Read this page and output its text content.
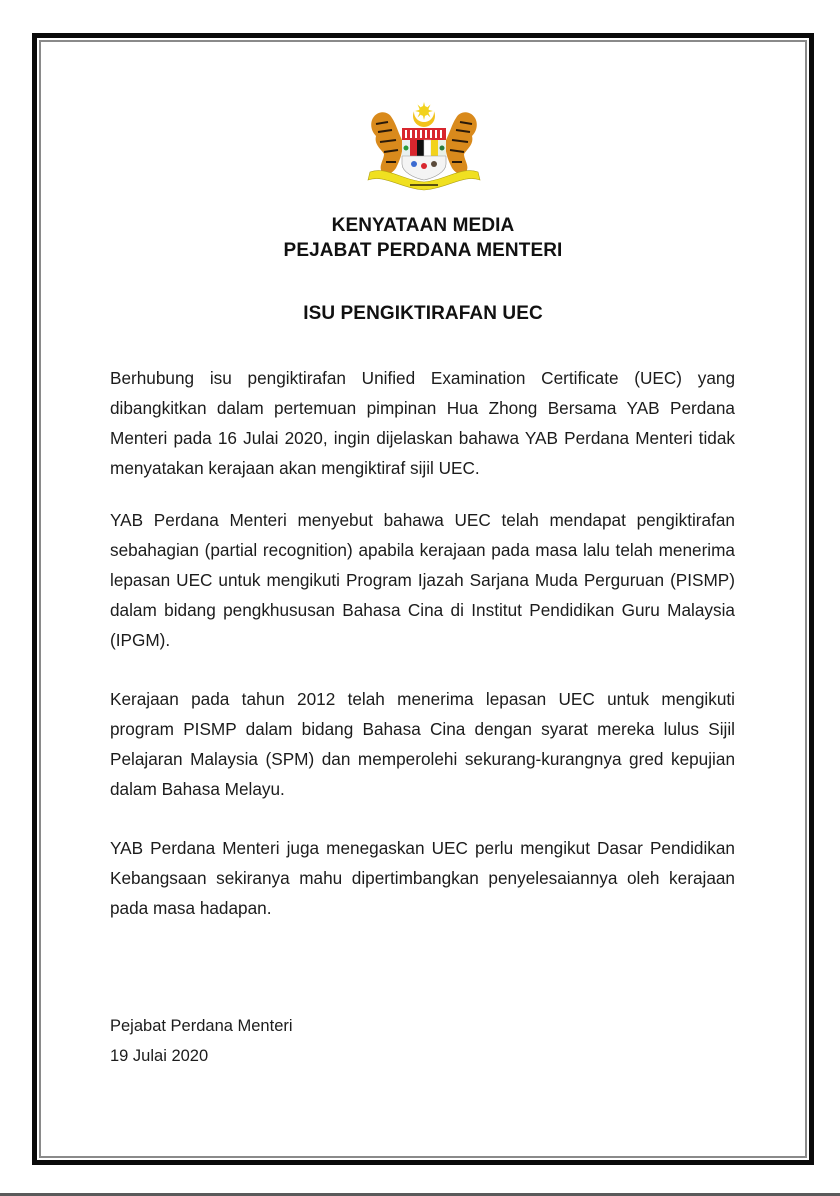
KENYATAAN MEDIA
PEJABAT PERDANA MENTERI
ISU PENGIKTIRAFAN UEC

Berhubung isu pengiktirafan Unified Examination Certificate (UEC) yang dibangkitkan dalam pertemuan pimpinan Hua Zhong Bersama YAB Perdana Menteri pada 16 Julai 2020, ingin dijelaskan bahawa YAB Perdana Menteri tidak menyatakan kerajaan akan mengiktiraf sijil UEC.

YAB Perdana Menteri menyebut bahawa UEC telah mendapat pengiktirafan sebahagian (partial recognition) apabila kerajaan pada masa lalu telah menerima lepasan UEC untuk mengikuti Program Ijazah Sarjana Muda Perguruan (PISMP) dalam bidang pengkhususan Bahasa Cina di Institut Pendidikan Guru Malaysia (IPGM).

Kerajaan pada tahun 2012 telah menerima lepasan UEC untuk mengikuti program PISMP dalam bidang Bahasa Cina dengan syarat mereka lulus Sijil Pelajaran Malaysia (SPM) dan memperolehi sekurang-kurangnya gred kepujian dalam Bahasa Melayu.

YAB Perdana Menteri juga menegaskan UEC perlu mengikut Dasar Pendidikan Kebangsaan sekiranya mahu dipertimbangkan penyelesaiannya oleh kerajaan pada masa hadapan.

Pejabat Perdana Menteri
19 Julai 2020
